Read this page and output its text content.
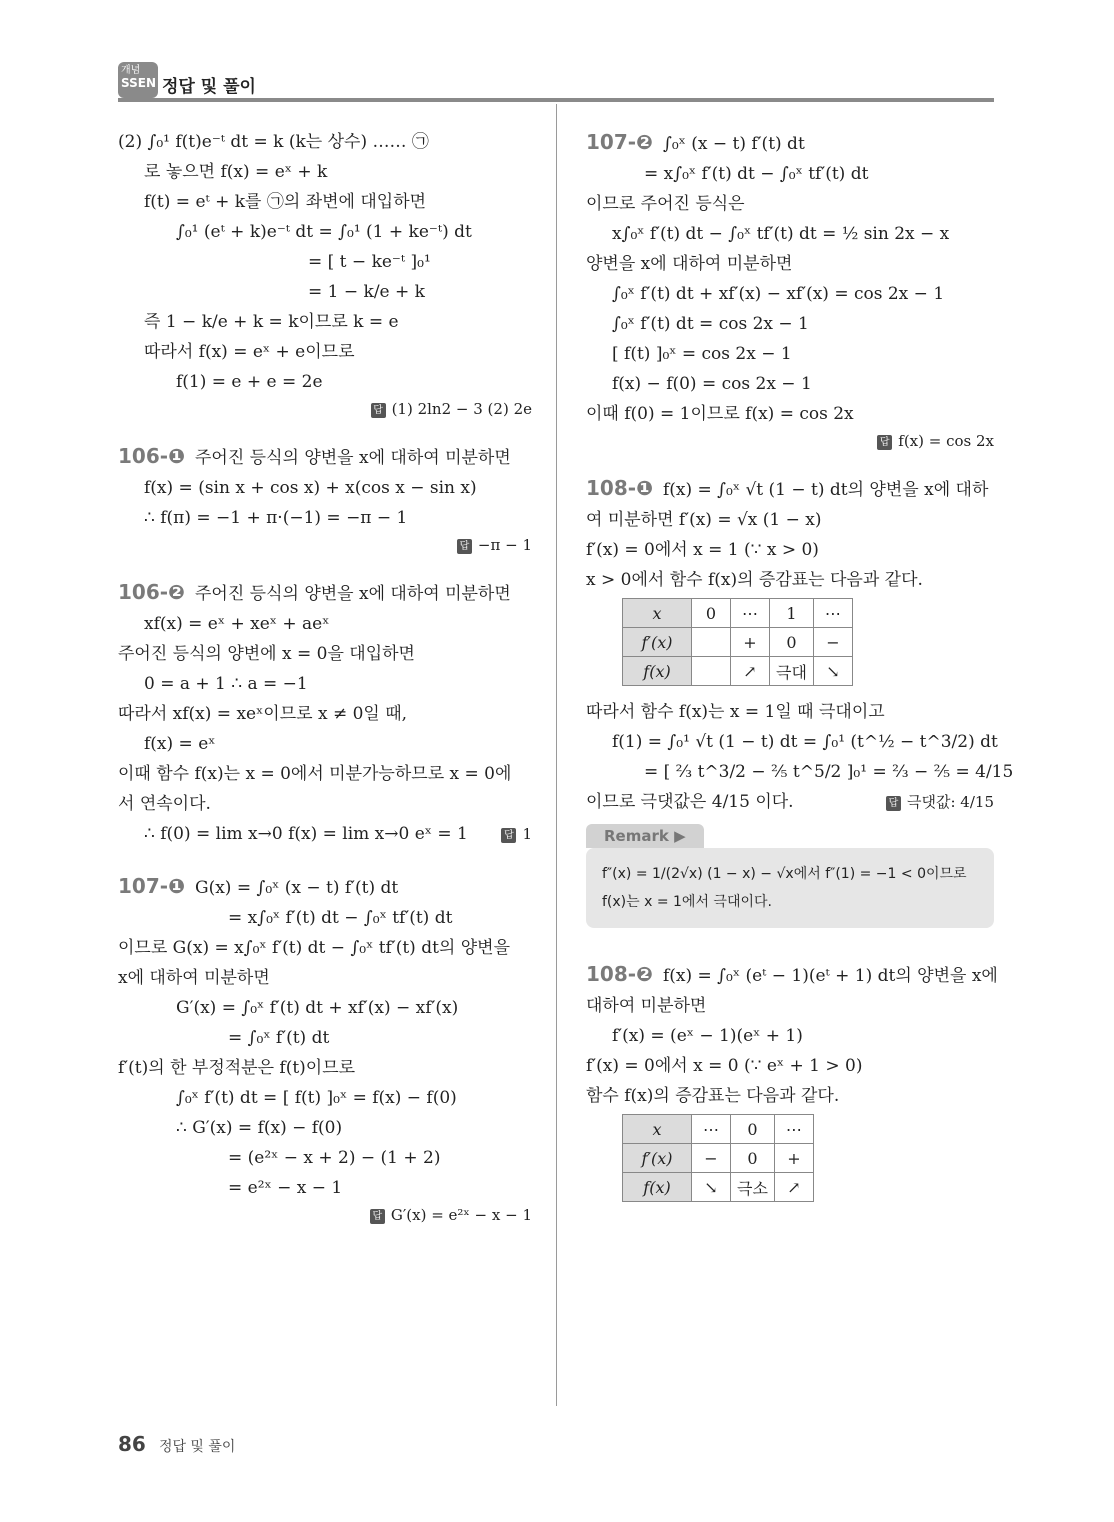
개념
SSEN 정답 및 풀이
(2) ∫₀¹ f(t)e⁻ᵗ dt = k (k는 상수) …… ㉠
로 놓으면 f(x) = eˣ + k
f(t) = eᵗ + k를 ㉠의 좌변에 대입하면
∫₀¹ (eᵗ + k)e⁻ᵗ dt = ∫₀¹ (1 + ke⁻ᵗ) dt
= [ t − ke⁻ᵗ ]₀¹
= 1 − k/e + k
즉 1 − k/e + k = k이므로 k = e
따라서 f(x) = eˣ + e이므로
f(1) = e + e = 2e
답 (1) 2ln2 − 3 (2) 2e
106-❶ 주어진 등식의 양변을 x에 대하여 미분하면
f(x) = (sin x + cos x) + x(cos x − sin x)
∴ f(π) = −1 + π·(−1) = −π − 1
답 −π − 1
106-❷ 주어진 등식의 양변을 x에 대하여 미분하면
xf(x) = eˣ + xeˣ + aeˣ
주어진 등식의 양변에 x = 0을 대입하면
0 = a + 1 ∴ a = −1
따라서 xf(x) = xeˣ이므로 x ≠ 0일 때,
f(x) = eˣ
이때 함수 f(x)는 x = 0에서 미분가능하므로 x = 0에
서 연속이다.
∴ f(0) = lim x→0 f(x) = lim x→0 eˣ = 1	답 1
107-❶ G(x) = ∫₀ˣ (x − t) f′(t) dt
= x∫₀ˣ f′(t) dt − ∫₀ˣ tf′(t) dt
이므로 G(x) = x∫₀ˣ f′(t) dt − ∫₀ˣ tf′(t) dt의 양변을
x에 대하여 미분하면
G′(x) = ∫₀ˣ f′(t) dt + xf′(x) − xf′(x)
= ∫₀ˣ f′(t) dt
f′(t)의 한 부정적분은 f(t)이므로
∫₀ˣ f′(t) dt = [ f(t) ]₀ˣ = f(x) − f(0)
∴ G′(x) = f(x) − f(0)
= (e²ˣ − x + 2) − (1 + 2)
= e²ˣ − x − 1
답 G′(x) = e²ˣ − x − 1
107-❷ ∫₀ˣ (x − t) f′(t) dt
= x∫₀ˣ f′(t) dt − ∫₀ˣ tf′(t) dt
이므로 주어진 등식은
x∫₀ˣ f′(t) dt − ∫₀ˣ tf′(t) dt = ½ sin 2x − x
양변을 x에 대하여 미분하면
∫₀ˣ f′(t) dt + xf′(x) − xf′(x) = cos 2x − 1
∫₀ˣ f′(t) dt = cos 2x − 1
[ f(t) ]₀ˣ = cos 2x − 1
f(x) − f(0) = cos 2x − 1
이때 f(0) = 1이므로 f(x) = cos 2x
답 f(x) = cos 2x
108-❶ f(x) = ∫₀ˣ √t (1 − t) dt의 양변을 x에 대하
여 미분하면 f′(x) = √x (1 − x)
f′(x) = 0에서 x = 1 (∵ x > 0)
x > 0에서 함수 f(x)의 증감표는 다음과 같다.
x	0	⋯	1	⋯
f′(x)		+	0	−
f(x)		↗	극대	↘
따라서 함수 f(x)는 x = 1일 때 극대이고
f(1) = ∫₀¹ √t (1 − t) dt = ∫₀¹ (t^½ − t^3/2) dt
= [ ⅔ t^3/2 − ⅖ t^5/2 ]₀¹ = ⅔ − ⅖ = 4/15
이므로 극댓값은 4/15 이다.	답 극댓값: 4/15
Remark ▶
f″(x) = 1/(2√x) (1 − x) − √x에서 f″(1) = −1 < 0이므로
f(x)는 x = 1에서 극대이다.
108-❷ f(x) = ∫₀ˣ (eᵗ − 1)(eᵗ + 1) dt의 양변을 x에
대하여 미분하면
f′(x) = (eˣ − 1)(eˣ + 1)
f′(x) = 0에서 x = 0 (∵ eˣ + 1 > 0)
함수 f(x)의 증감표는 다음과 같다.
x	⋯	0	⋯
f′(x)	−	0	+
f(x)	↘	극소	↗
86 정답 및 풀이
